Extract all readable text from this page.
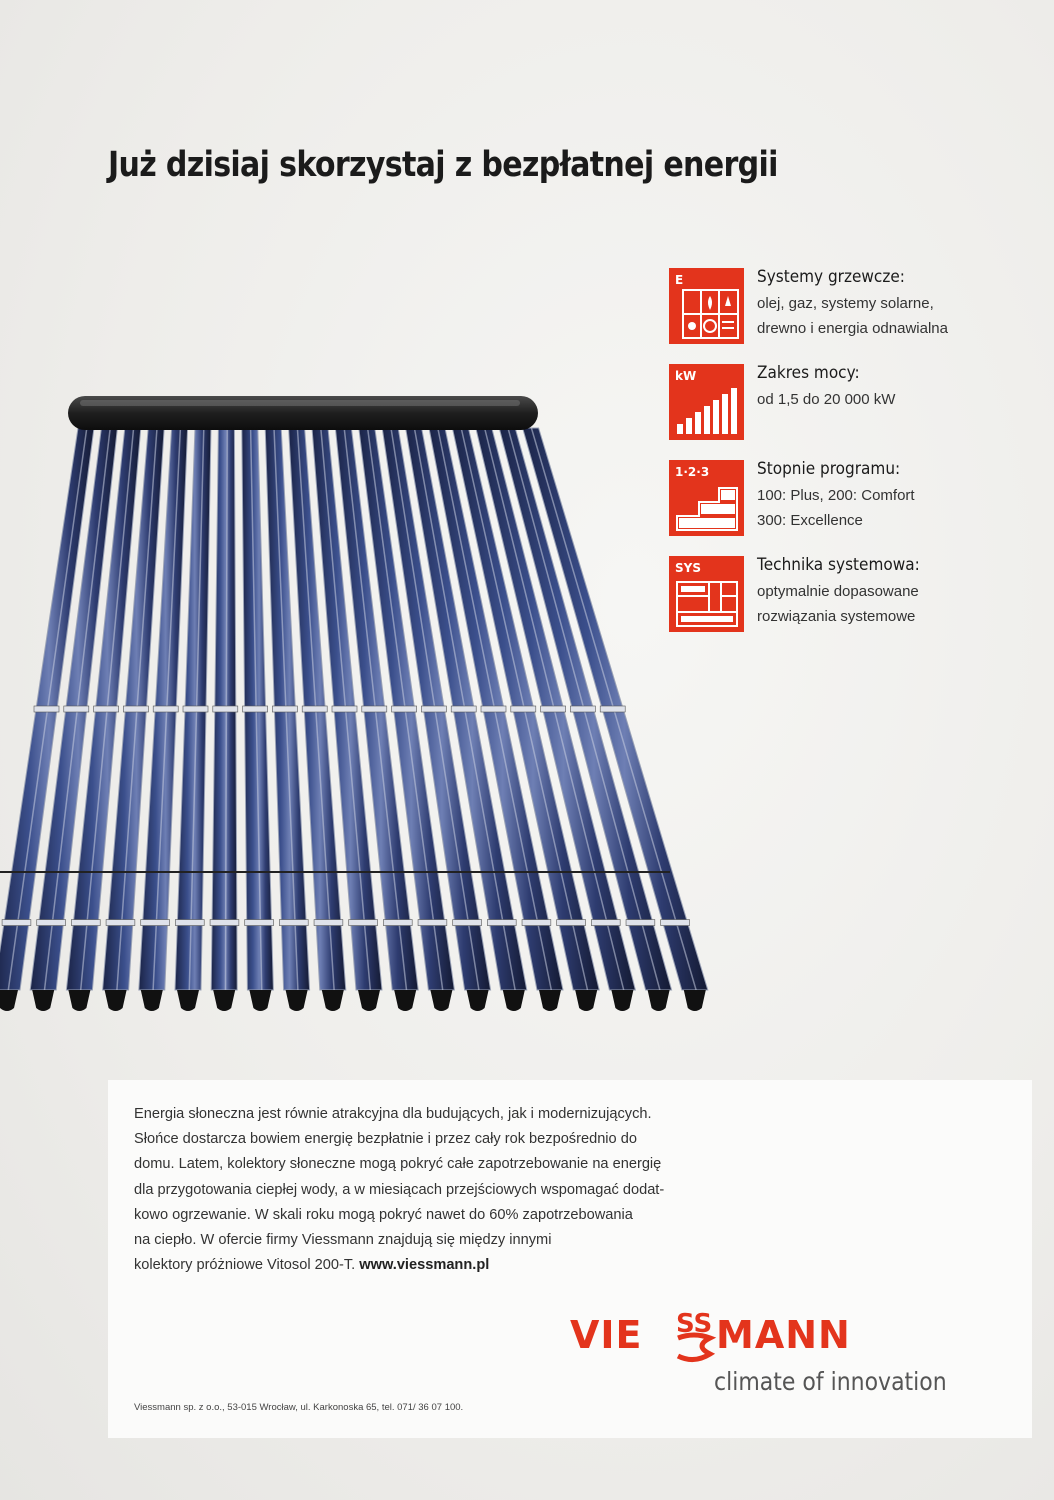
Już dzisiaj skorzystaj z bezpłatnej energii
E	Systemy grzewcze:
olej, gaz, systemy solarne,
drewno i energia odnawialna
kW	Zakres mocy:
od 1,5 do 20 000 kW
1·2·3	Stopnie programu:
100: Plus, 200: Comfort
300: Excellence
SYS	Technika systemowa:
optymalnie dopasowane
rozwiązania systemowe
Energia słoneczna jest równie atrakcyjna dla budujących, jak i modernizujących.
Słońce dostarcza bowiem energię bezpłatnie i przez cały rok bezpośrednio do
domu. Latem, kolektory słoneczne mogą pokryć całe zapotrzebowanie na energię
dla przygotowania ciepłej wody, a w miesiącach przejściowych wspomagać dodat-
kowo ogrzewanie. W skali roku mogą pokryć nawet do 60% zapotrzebowania
na ciepło. W ofercie firmy Viessmann znajdują się między innymi
kolektory próżniowe Vitosol 200-T. www.viessmann.pl
VIE SS MANN
climate of innovation
Viessmann sp. z o.o., 53-015 Wrocław, ul. Karkonoska 65, tel. 071/ 36 07 100.
